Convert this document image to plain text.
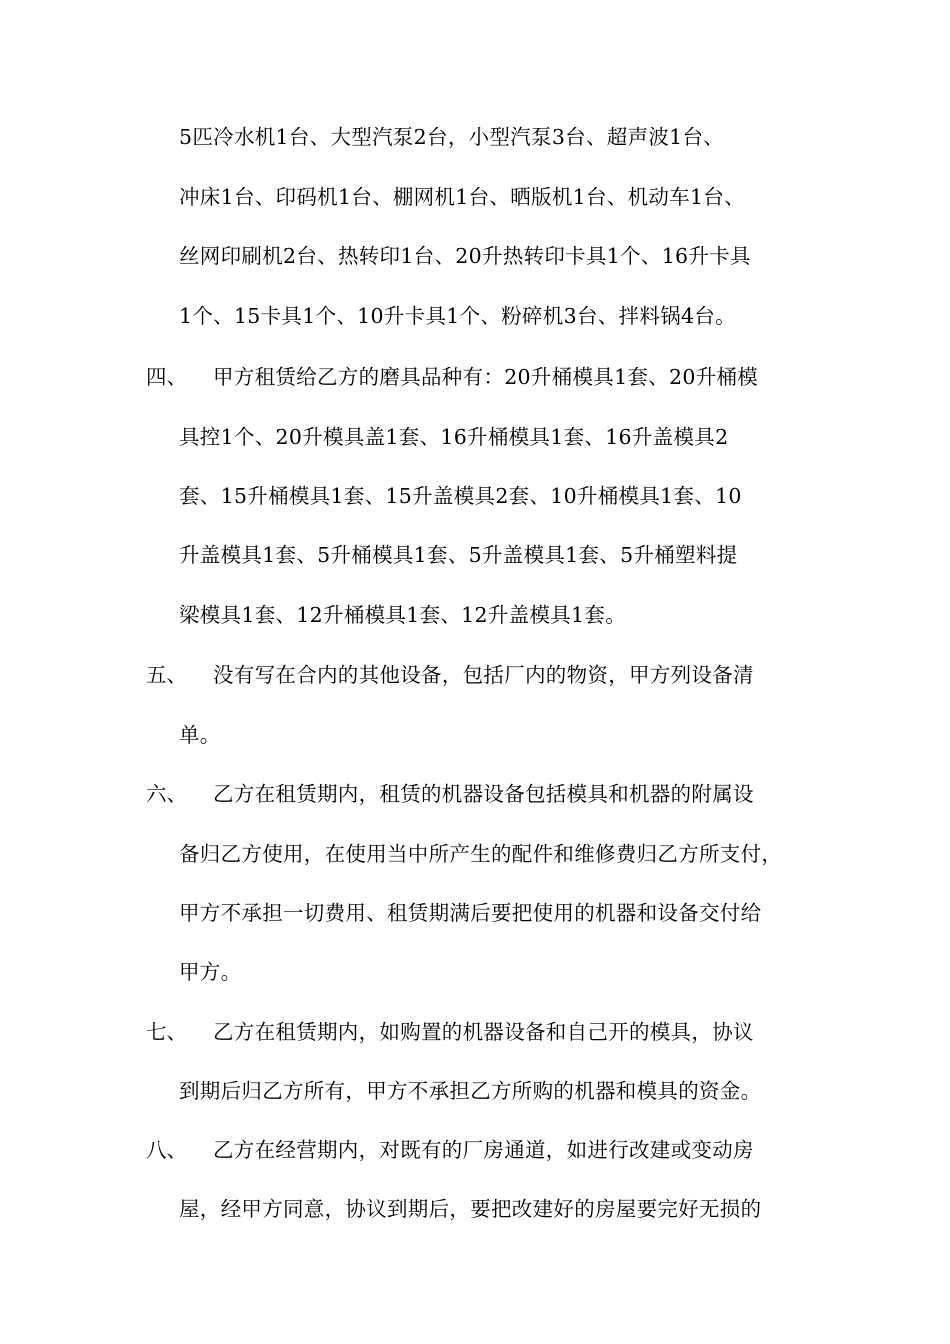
5匹冷水机1台、大型汽泵2台，小型汽泵3台、超声波1台、
冲床1台、印码机1台、棚网机1台、晒版机1台、机动车1台、
丝网印刷机2台、热转印1台、20升热转印卡具1个、16升卡具
1个、15卡具1个、10升卡具1个、粉碎机3台、拌料锅4台。
四、 甲方租赁给乙方的磨具品种有：20升桶模具1套、20升桶模
具控1个、20升模具盖1套、16升桶模具1套、16升盖模具2
套、15升桶模具1套、15升盖模具2套、10升桶模具1套、10
升盖模具1套、5升桶模具1套、5升盖模具1套、5升桶塑料提
梁模具1套、12升桶模具1套、12升盖模具1套。
五、 没有写在合内的其他设备，包括厂内的物资，甲方列设备清
单。
六、 乙方在租赁期内，租赁的机器设备包括模具和机器的附属设
备归乙方使用，在使用当中所产生的配件和维修费归乙方所支付，
甲方不承担一切费用、租赁期满后要把使用的机器和设备交付给
甲方。
七、 乙方在租赁期内，如购置的机器设备和自己开的模具，协议
到期后归乙方所有，甲方不承担乙方所购的机器和模具的资金。
八、 乙方在经营期内，对既有的厂房通道，如进行改建或变动房
屋，经甲方同意，协议到期后，要把改建好的房屋要完好无损的
